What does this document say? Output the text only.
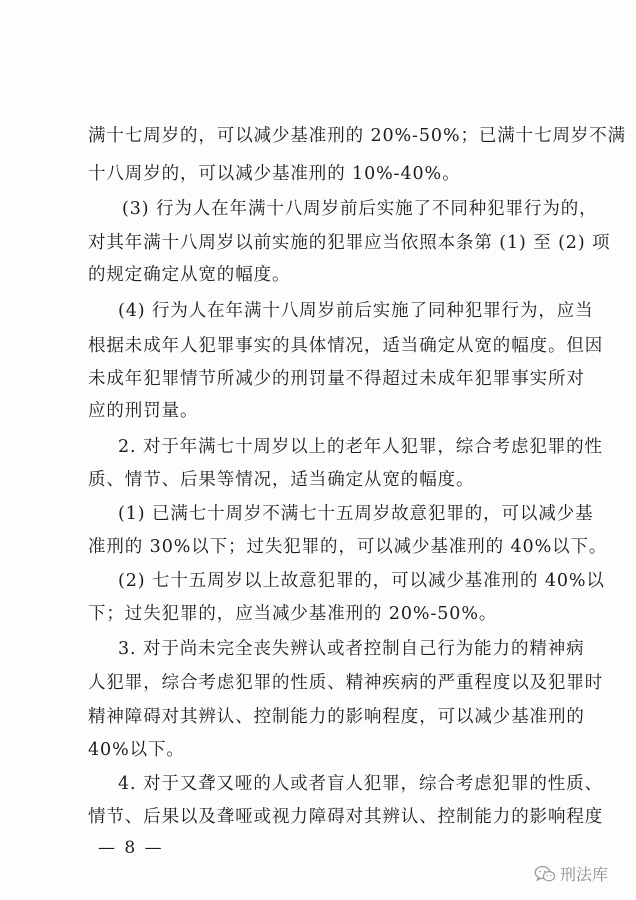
满十七周岁的，可以减少基准刑的 20%-50%；已满十七周岁不满
十八周岁的，可以减少基准刑的 10%-40%。
(3) 行为人在年满十八周岁前后实施了不同种犯罪行为的，
对其年满十八周岁以前实施的犯罪应当依照本条第 (1) 至 (2) 项
的规定确定从宽的幅度。
(4) 行为人在年满十八周岁前后实施了同种犯罪行为，应当
根据未成年人犯罪事实的具体情况，适当确定从宽的幅度。但因
未成年犯罪情节所减少的刑罚量不得超过未成年犯罪事实所对
应的刑罚量。
2. 对于年满七十周岁以上的老年人犯罪，综合考虑犯罪的性
质、情节、后果等情况，适当确定从宽的幅度。
(1) 已满七十周岁不满七十五周岁故意犯罪的，可以减少基
准刑的 30%以下；过失犯罪的，可以减少基准刑的 40%以下。
(2) 七十五周岁以上故意犯罪的，可以减少基准刑的 40%以
下；过失犯罪的，应当减少基准刑的 20%-50%。
3. 对于尚未完全丧失辨认或者控制自己行为能力的精神病
人犯罪，综合考虑犯罪的性质、精神疾病的严重程度以及犯罪时
精神障碍对其辨认、控制能力的影响程度，可以减少基准刑的
40%以下。
4. 对于又聋又哑的人或者盲人犯罪，综合考虑犯罪的性质、
情节、后果以及聋哑或视力障碍对其辨认、控制能力的影响程度
— 8 —
刑法库
